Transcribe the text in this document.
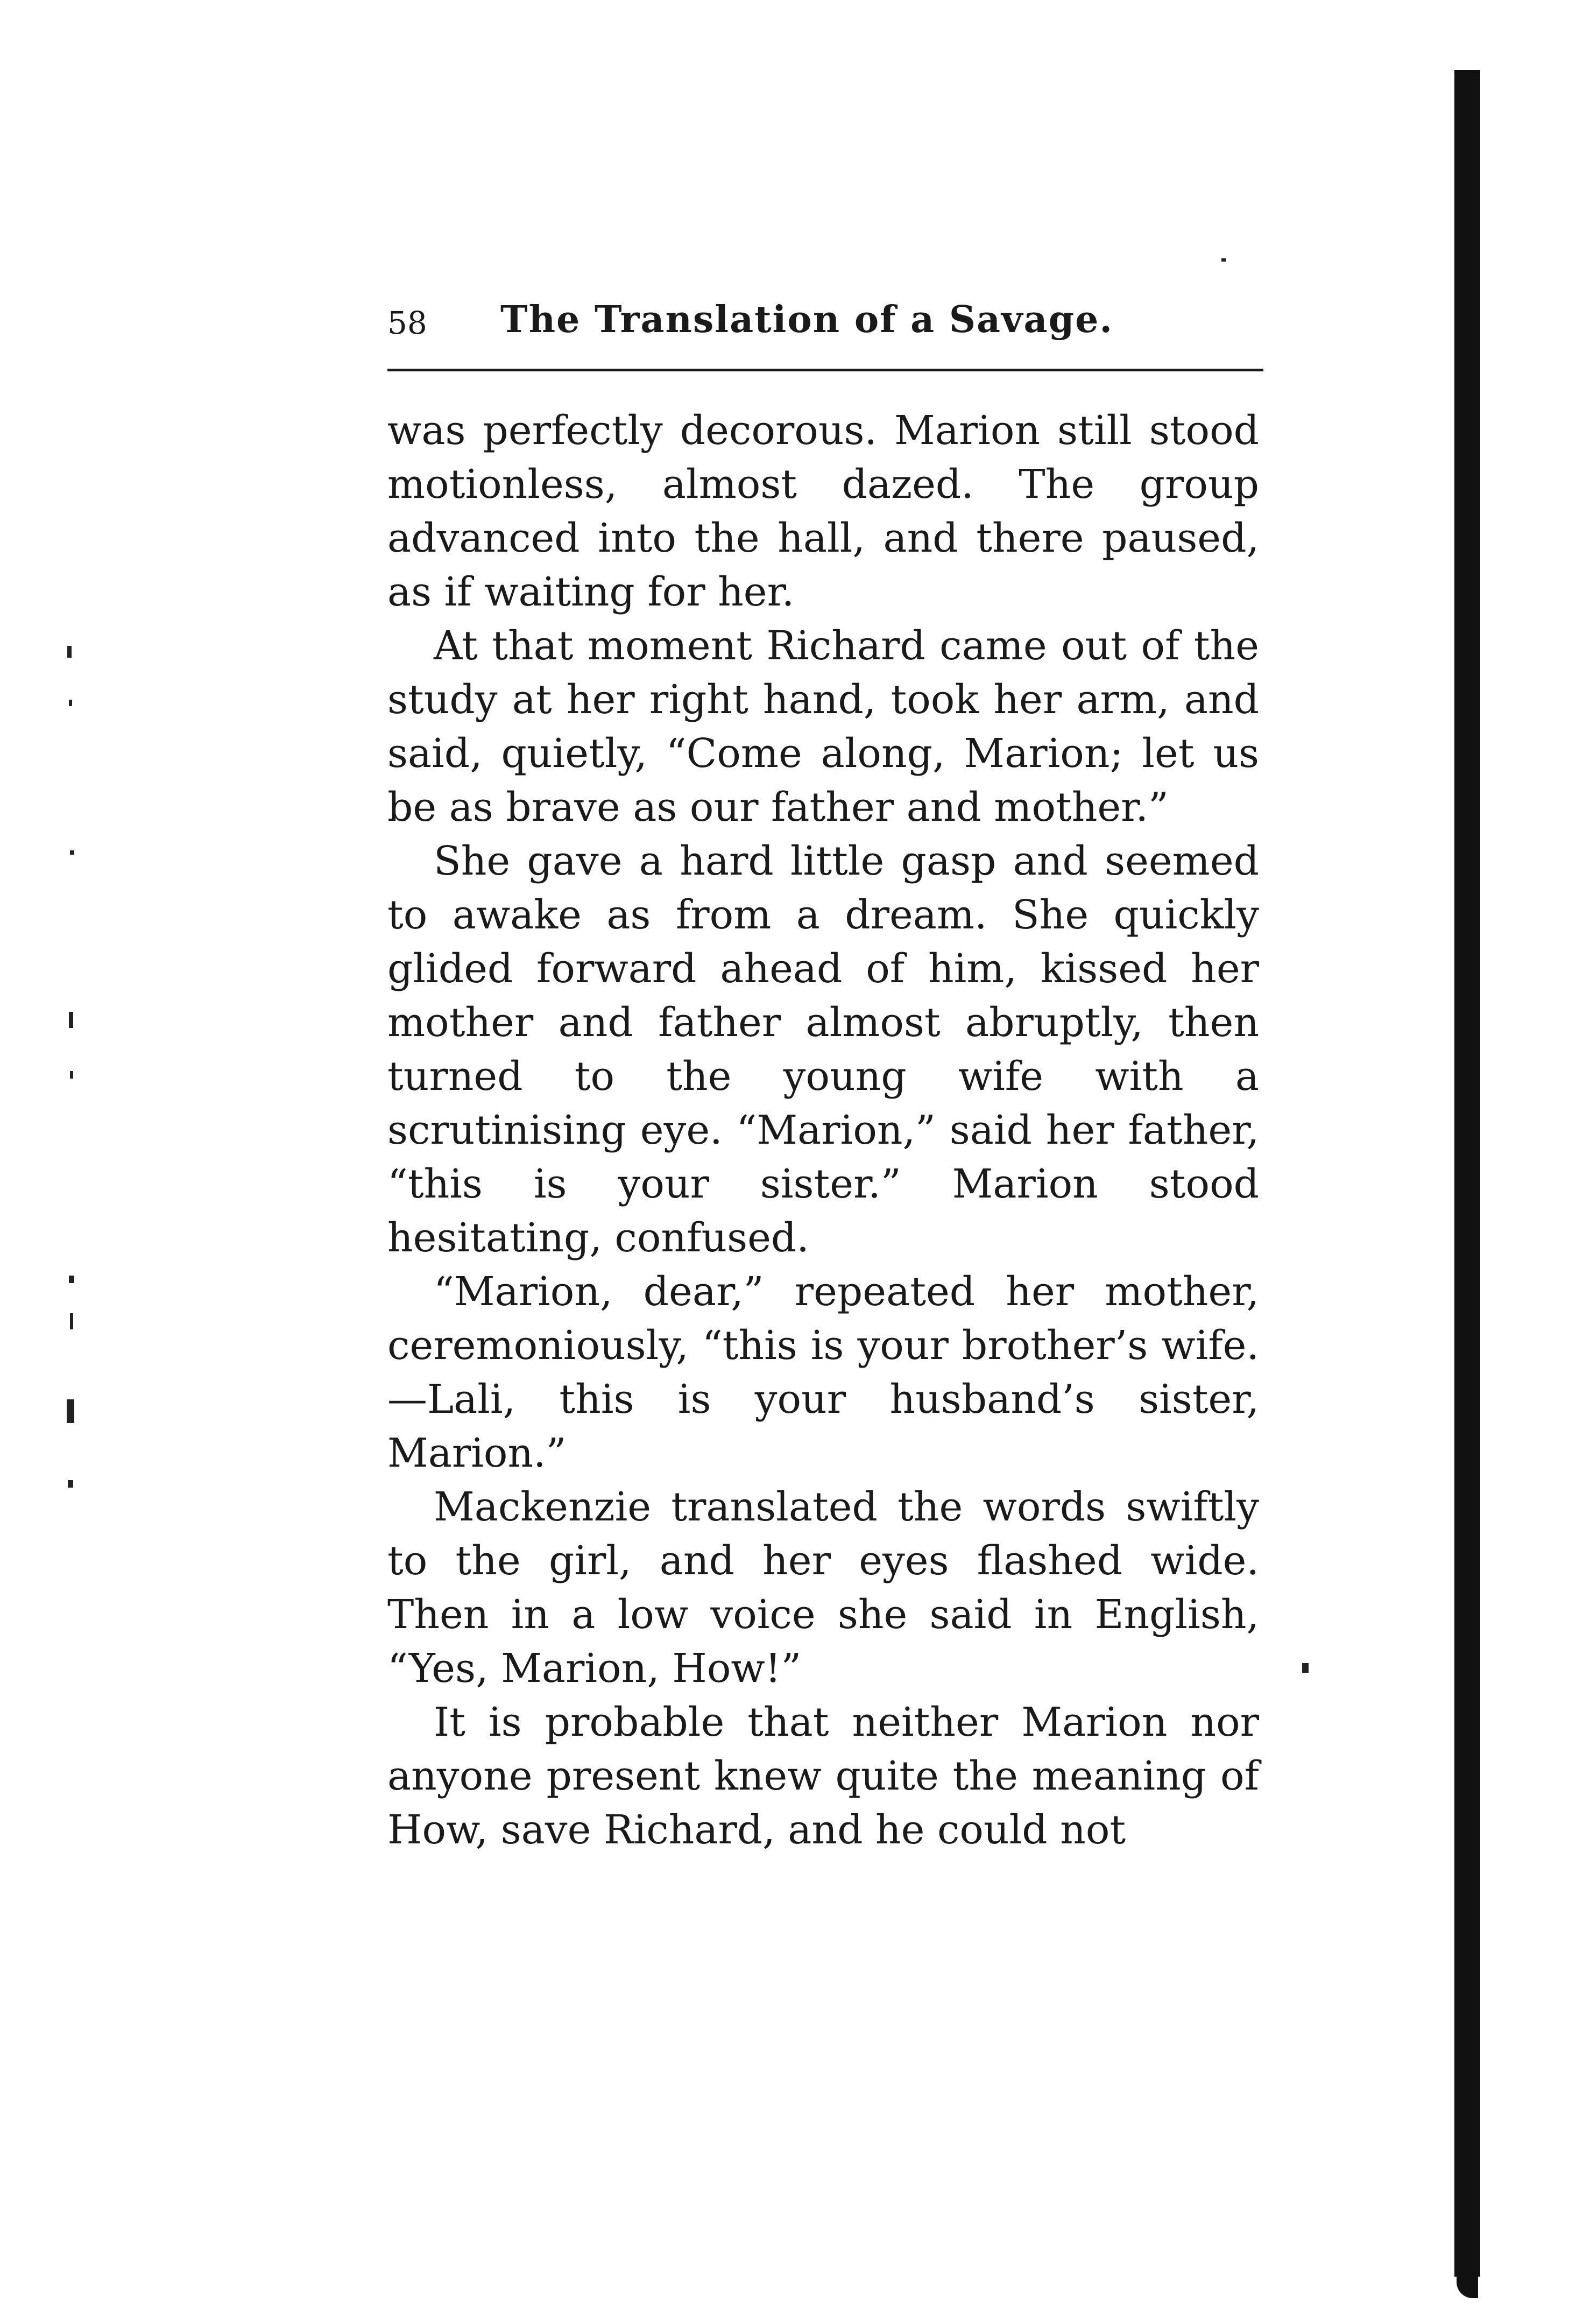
58 The Translation of a Savage.

was perfectly decorous. Marion still stood motionless, almost dazed. The group advanced into the hall, and there paused, as if waiting for her.

At that moment Richard came out of the study at her right hand, took her arm, and said, quietly, “Come along, Marion; let us be as brave as our father and mother.”

She gave a hard little gasp and seemed to awake as from a dream. She quickly glided forward ahead of him, kissed her mother and father almost abruptly, then turned to the young wife with a scrutinising eye. “Marion,” said her father, “this is your sister.” Marion stood hesitating, confused.

“Marion, dear,” repeated her mother, ceremoniously, “this is your brother’s wife.—Lali, this is your husband’s sister, Marion.”

Mackenzie translated the words swiftly to the girl, and her eyes flashed wide. Then in a low voice she said in English, “Yes, Marion, How!”

It is probable that neither Marion nor anyone present knew quite the meaning of How, save Richard, and he could not
